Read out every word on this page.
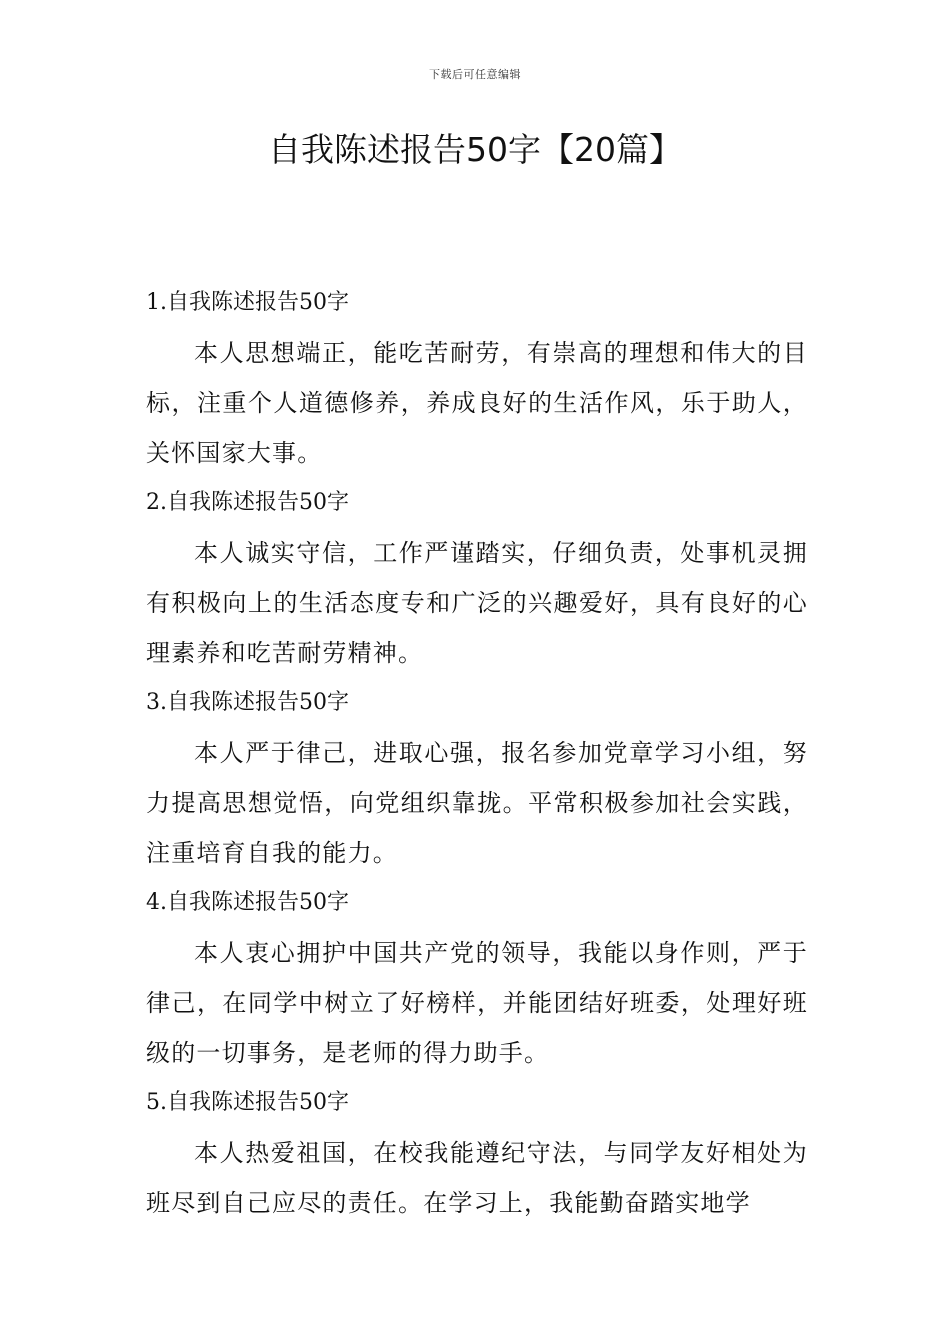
下载后可任意编辑
自我陈述报告50字【20篇】
1.自我陈述报告50字

本人思想端正，能吃苦耐劳，有崇高的理想和伟大的目标，注重个人道德修养，养成良好的生活作风，乐于助人，关怀国家大事。

2.自我陈述报告50字

本人诚实守信，工作严谨踏实，仔细负责，处事机灵拥有积极向上的生活态度专和广泛的兴趣爱好，具有良好的心理素养和吃苦耐劳精神。

3.自我陈述报告50字

本人严于律己，进取心强，报名参加党章学习小组，努力提高思想觉悟，向党组织靠拢。平常积极参加社会实践，注重培育自我的能力。

4.自我陈述报告50字

本人衷心拥护中国共产党的领导，我能以身作则，严于律己，在同学中树立了好榜样，并能团结好班委，处理好班级的一切事务，是老师的得力助手。

5.自我陈述报告50字

本人热爱祖国，在校我能遵纪守法，与同学友好相处为班尽到自己应尽的责任。在学习上，我能勤奋踏实地学
